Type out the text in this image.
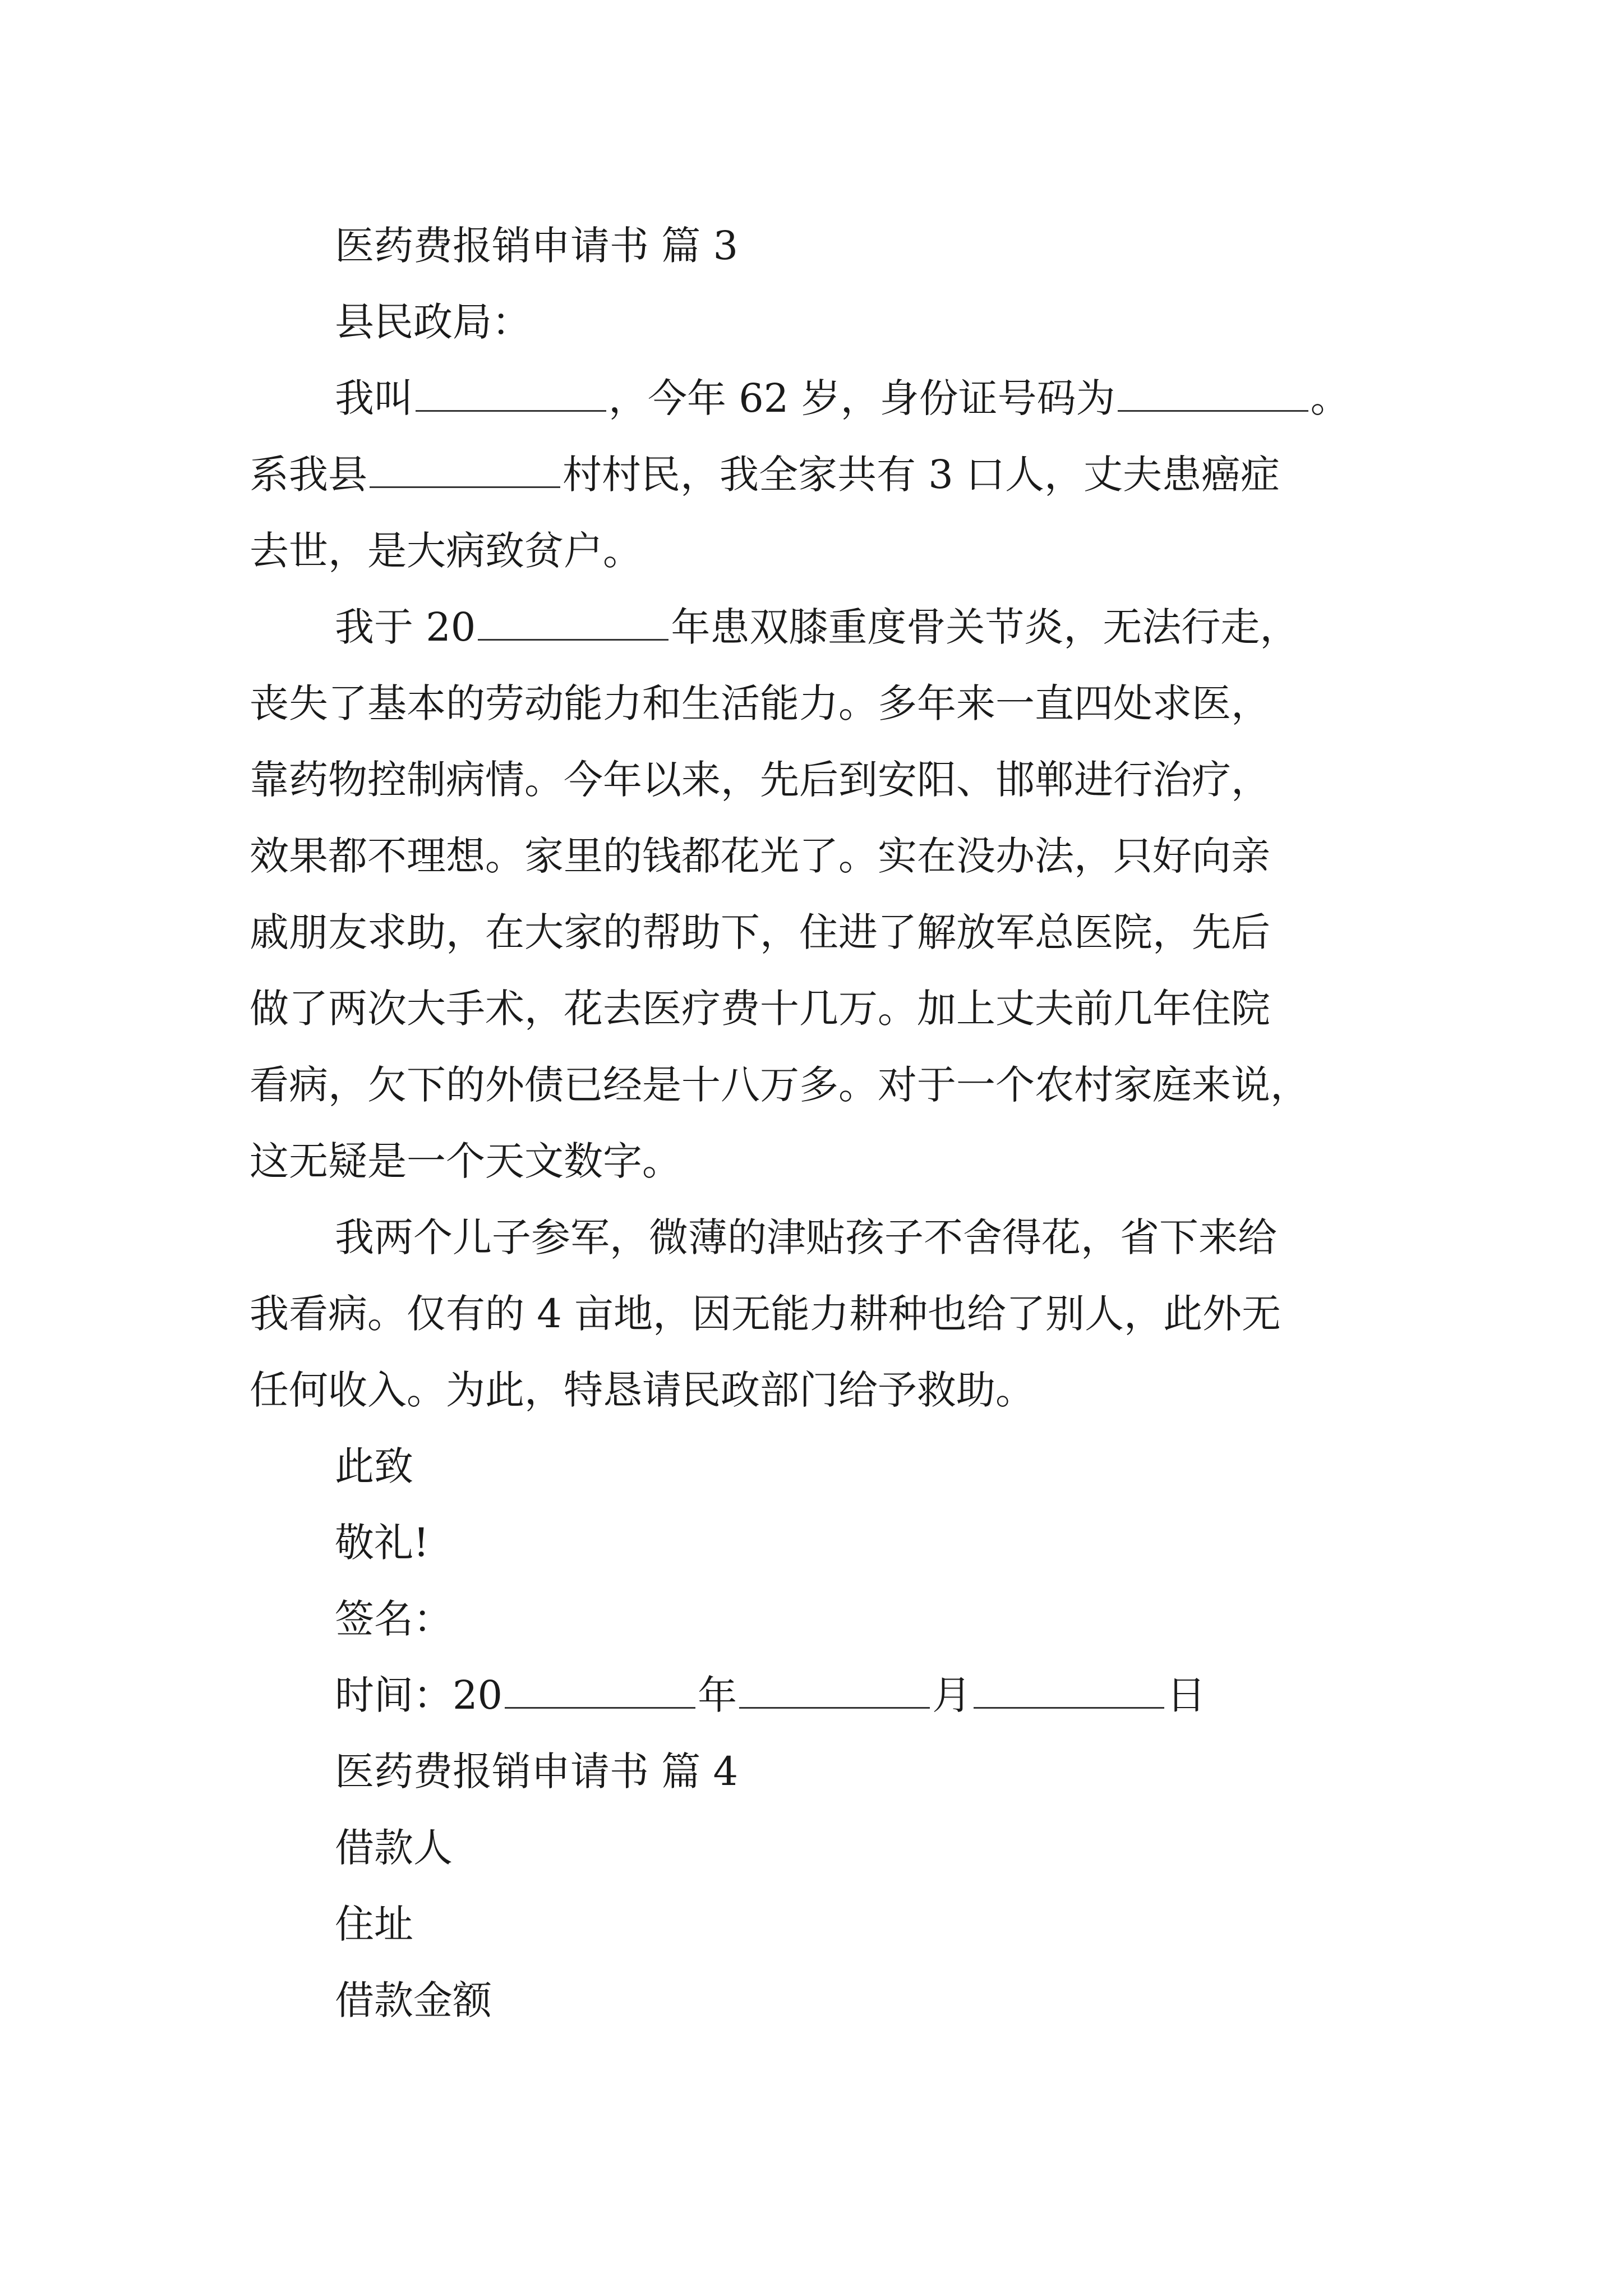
医药费报销申请书 篇 3
县民政局：
我叫	，今年 62 岁，身份证号码为	。
系我县	村村民，我全家共有 3 口人，丈夫患癌症
去世，是大病致贫户。
我于 20	年患双膝重度骨关节炎，无法行走，
丧失了基本的劳动能力和生活能力。多年来一直四处求医，
靠药物控制病情。今年以来，先后到安阳、邯郸进行治疗，
效果都不理想。家里的钱都花光了。实在没办法，只好向亲
戚朋友求助，在大家的帮助下，住进了解放军总医院，先后
做了两次大手术，花去医疗费十几万。加上丈夫前几年住院
看病，欠下的外债已经是十八万多。对于一个农村家庭来说，
这无疑是一个天文数字。
我两个儿子参军，微薄的津贴孩子不舍得花，省下来给
我看病。仅有的 4 亩地，因无能力耕种也给了别人，此外无
任何收入。为此，特恳请民政部门给予救助。
此致
敬礼!
签名：
时间：20	年	月	日
医药费报销申请书 篇 4
借款人
住址
借款金额
